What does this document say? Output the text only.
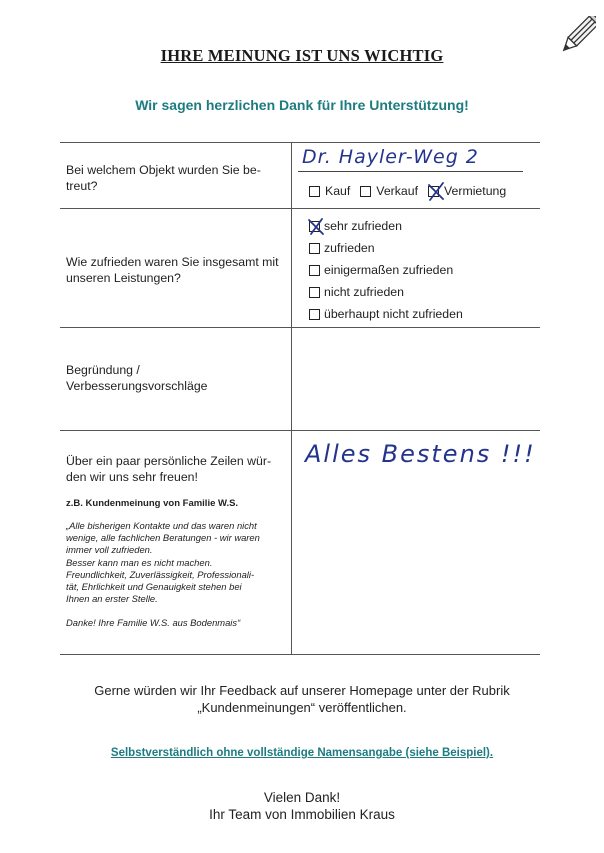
IHRE MEINUNG IST UNS WICHTIG
Wir sagen herzlichen Dank für Ihre Unterstützung!
Bei welchem Objekt wurden Sie be-treut?
Dr. Hayler-Weg 2
Kauf Verkauf Vermietung
Wie zufrieden waren Sie insgesamt mit unseren Leistungen?
sehr zufrieden
zufrieden
einigermaßen zufrieden
nicht zufrieden
überhaupt nicht zufrieden
Begründung / Verbesserungsvorschläge
Über ein paar persönliche Zeilen wür-den wir uns sehr freuen!
z.B. Kundenmeinung von Familie W.S.
„Alle bisherigen Kontakte und das waren nicht
wenige, alle fachlichen Beratungen - wir waren
immer voll zufrieden.
Besser kann man es nicht machen.
Freundlichkeit, Zuverlässigkeit, Professionali-
tät, Ehrlichkeit und Genauigkeit stehen bei
Ihnen an erster Stelle.
Danke! Ihre Familie W.S. aus Bodenmais“
Alles Bestens !!!
Gerne würden wir Ihr Feedback auf unserer Homepage unter der Rubrik
„Kundenmeinungen“ veröffentlichen.
Selbstverständlich ohne vollständige Namensangabe (siehe Beispiel).
Vielen Dank!
Ihr Team von Immobilien Kraus
